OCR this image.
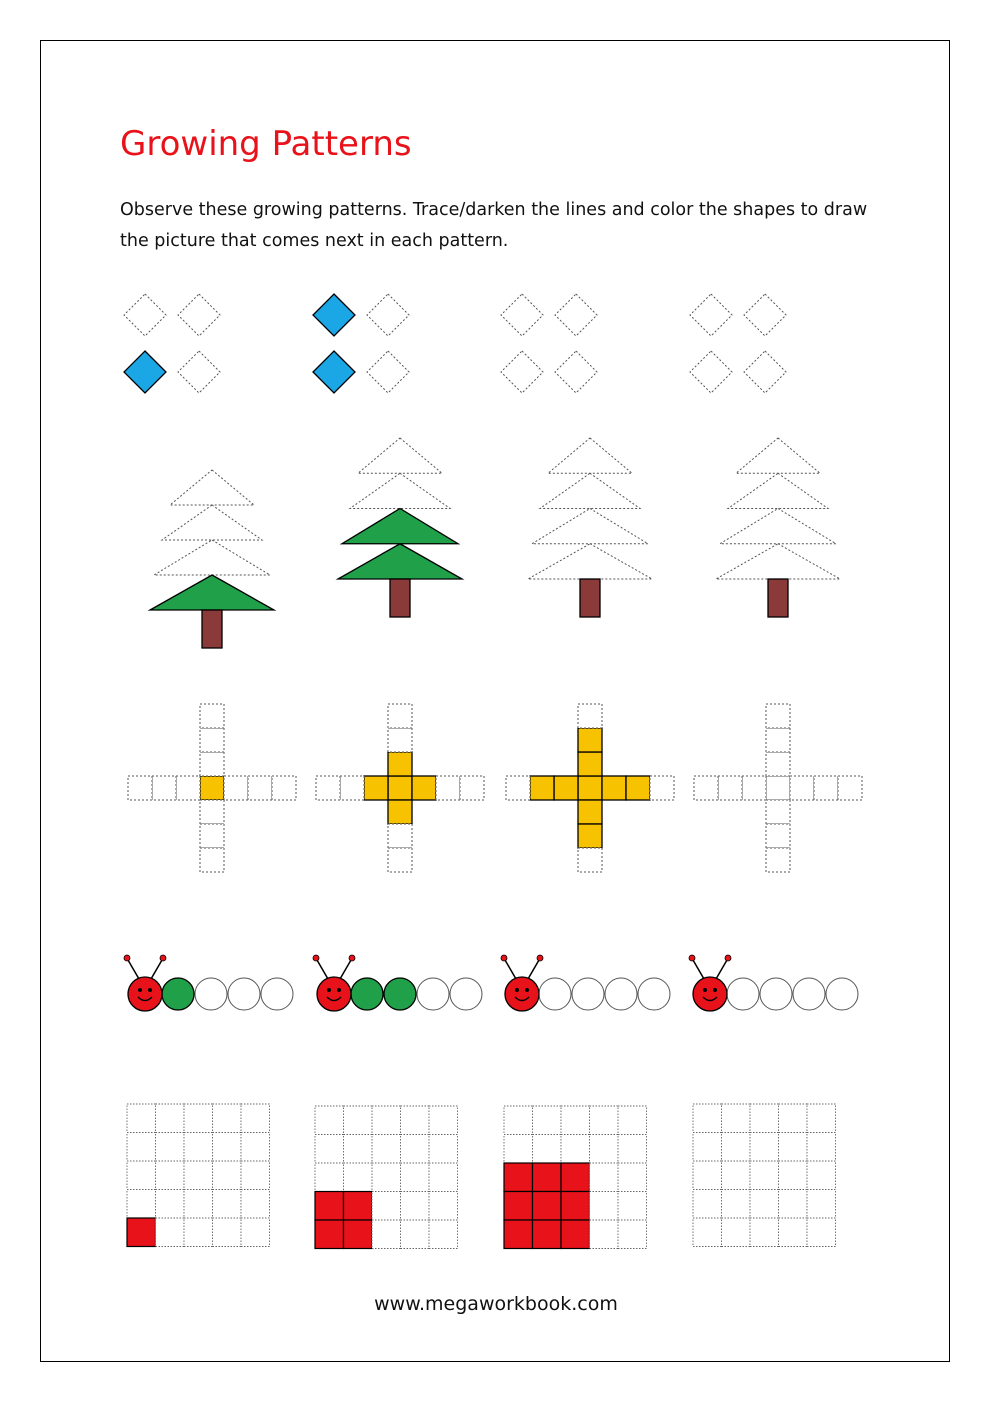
Growing Patterns
Observe these growing patterns. Trace/darken the lines and color the shapes to draw the picture that comes next in each pattern.
www.megaworkbook.com
